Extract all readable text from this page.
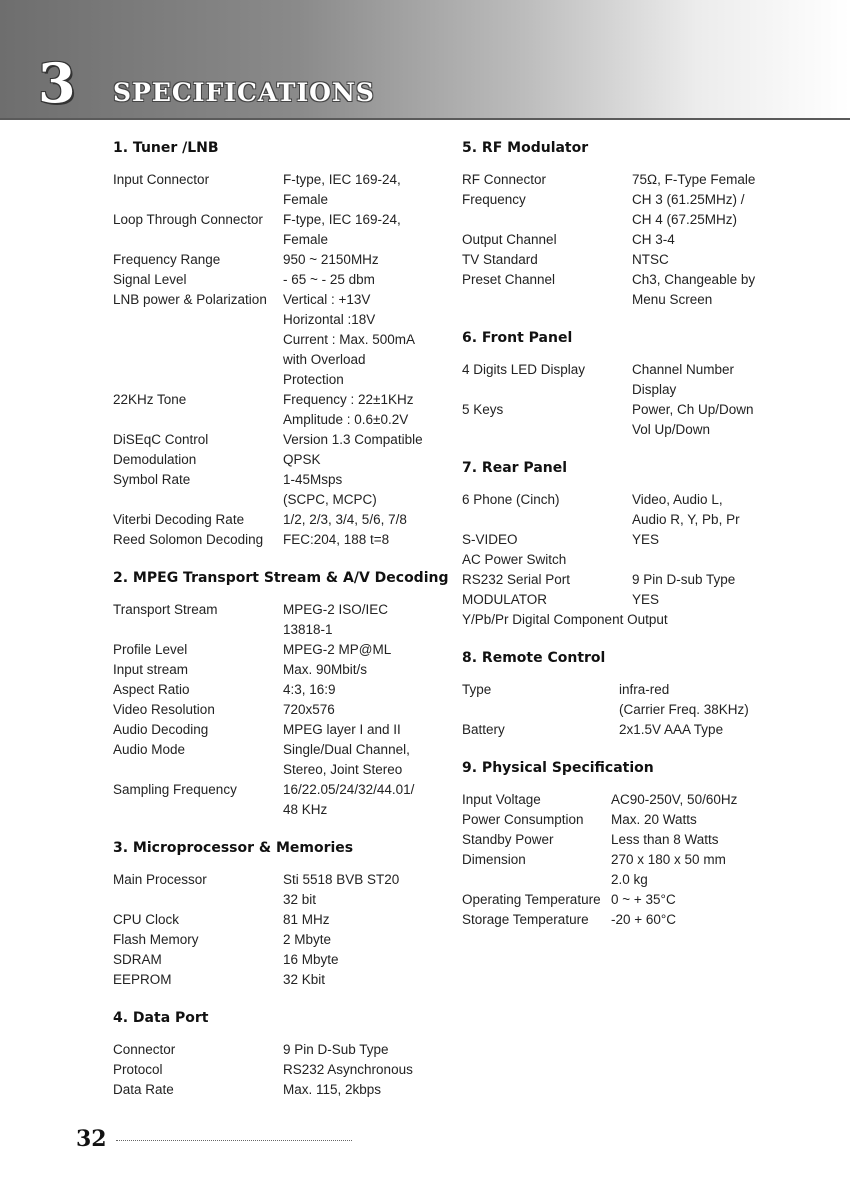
3 SPECIFICATIONS
1. Tuner /LNB
Input Connector	F-type, IEC 169-24,
Female
Loop Through Connector	F-type, IEC 169-24,
Female
Frequency Range	950 ~ 2150MHz
Signal Level	- 65 ~ - 25 dbm
LNB power & Polarization	Vertical : +13V
Horizontal :18V
Current : Max. 500mA
with Overload
Protection
22KHz Tone	Frequency : 22±1KHz
Amplitude : 0.6±0.2V
DiSEqC Control	Version 1.3 Compatible
Demodulation	QPSK
Symbol Rate	1-45Msps
(SCPC, MCPC)
Viterbi Decoding Rate	1/2, 2/3, 3/4, 5/6, 7/8
Reed Solomon Decoding	FEC:204, 188 t=8
2. MPEG Transport Stream & A/V Decoding
Transport Stream	MPEG-2 ISO/IEC
13818-1
Profile Level	MPEG-2 MP@ML
Input stream	Max. 90Mbit/s
Aspect Ratio	4:3, 16:9
Video Resolution	720x576
Audio Decoding	MPEG layer I and II
Audio Mode	Single/Dual Channel,
Stereo, Joint Stereo
Sampling Frequency	16/22.05/24/32/44.01/
48 KHz
3. Microprocessor & Memories
Main Processor	Sti 5518 BVB ST20
32 bit
CPU Clock	81 MHz
Flash Memory	2 Mbyte
SDRAM	16 Mbyte
EEPROM	32 Kbit
4. Data Port
Connector	9 Pin D-Sub Type
Protocol	RS232 Asynchronous
Data Rate	Max. 115, 2kbps
5. RF Modulator
RF Connector	75Ω, F-Type Female
Frequency	CH 3 (61.25MHz) /
CH 4 (67.25MHz)
Output Channel	CH 3-4
TV Standard	NTSC
Preset Channel	Ch3, Changeable by
Menu Screen
6. Front Panel
4 Digits LED Display	Channel Number
Display
5 Keys	Power, Ch Up/Down
Vol Up/Down
7. Rear Panel
6 Phone (Cinch)	Video, Audio L,
Audio R, Y, Pb, Pr
S-VIDEO	YES
AC Power Switch
RS232 Serial Port	9 Pin D-sub Type
MODULATOR	YES
Y/Pb/Pr Digital Component Output
8. Remote Control
Type	infra-red
(Carrier Freq. 38KHz)
Battery	2x1.5V AAA Type
9. Physical Specification
Input Voltage	AC90-250V, 50/60Hz
Power Consumption	Max. 20 Watts
Standby Power	Less than 8 Watts
Dimension	270 x 180 x 50 mm
2.0 kg
Operating Temperature 0 ~ + 35°C
Storage Temperature	-20 + 60°C
32
